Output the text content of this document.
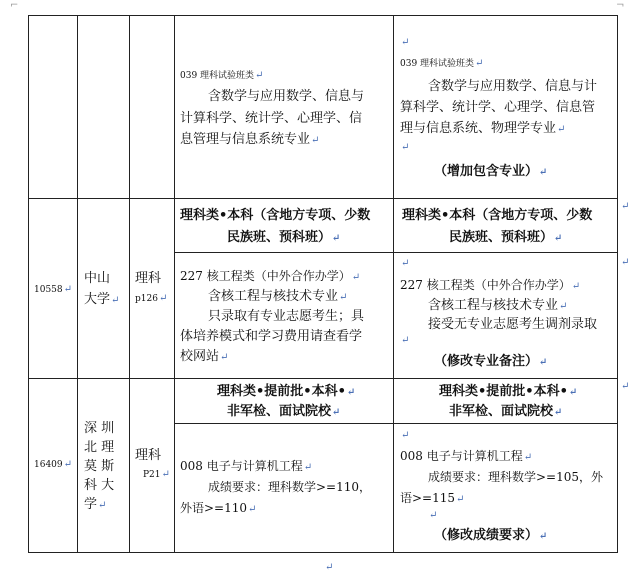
⌐	¬
039 理科试验班类↵
含数学与应用数学、信息与
计算科学、统计学、心理学、信
息管理与信息系统专业↵
↵
039 理科试验班类↵
含数学与应用数学、信息与计
算科学、统计学、心理学、信息管
理与信息系统、物理学专业↵
↵
（增加包含专业）↵
↵
理科类•本科（含地方专项、少数
民族班、预科班）↵
理科类•本科（含地方专项、少数
民族班、预科班）↵
10558↵
中山
大学↵
理科
p126↵
227 核工程类（中外合作办学）↵
含核工程与核技术专业↵
只录取有专业志愿考生；具
体培养模式和学习费用请查看学
校网站↵
↵
227 核工程类（中外合作办学）↵
含核工程与核技术专业↵
接受无专业志愿考生调剂录取
↵
（修改专业备注）↵
↵
理科类•提前批•本科•↵
非军检、面试院校↵
理科类•提前批•本科•↵
非军检、面试院校↵
↵
16409↵
深 圳
北 理
莫 斯
科 大
学↵
理科
P21↵
008 电子与计算机工程↵
成绩要求：理科数学>=110，
外语>=110↵
↵
008 电子与计算机工程↵
成绩要求：理科数学>=105，外
语>=115↵
↵
（修改成绩要求）↵
↵
